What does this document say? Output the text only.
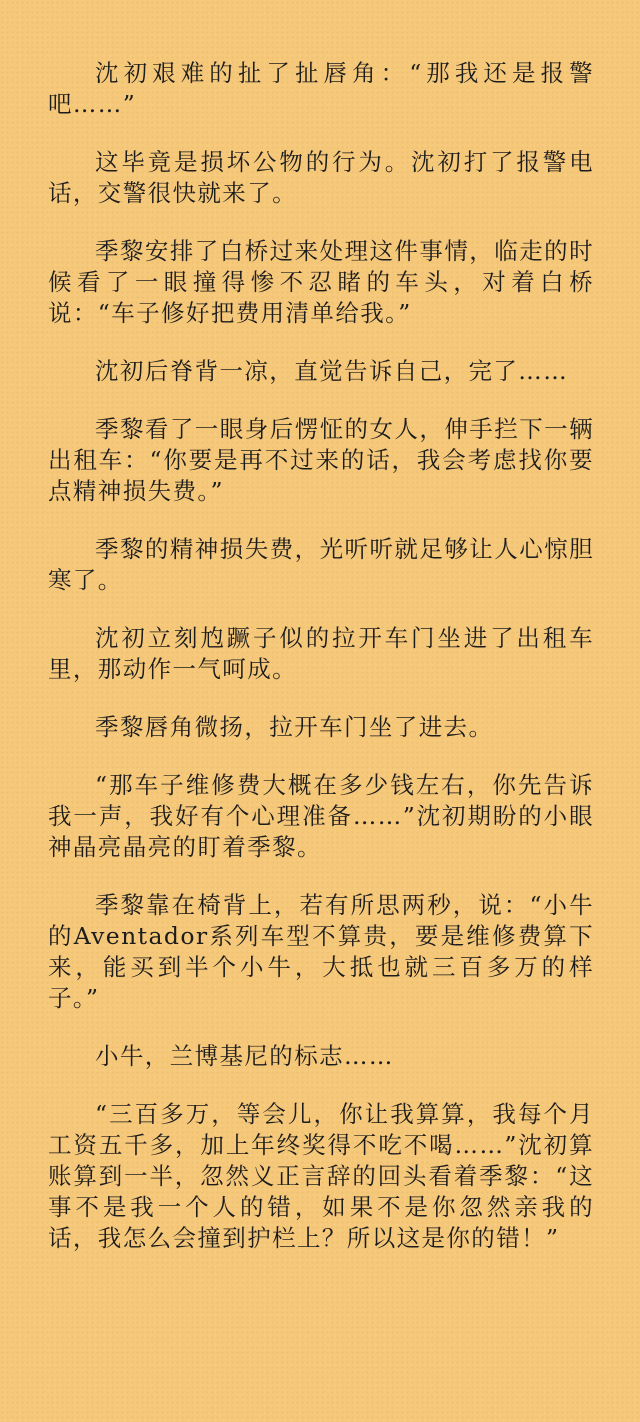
沈初艰难的扯了扯唇角：“那我还是报警吧……”

这毕竟是损坏公物的行为。沈初打了报警电话，交警很快就来了。

季黎安排了白桥过来处理这件事情，临走的时候看了一眼撞得惨不忍睹的车头，对着白桥说：“车子修好把费用清单给我。”

沈初后脊背一凉，直觉告诉自己，完了……

季黎看了一眼身后愣怔的女人，伸手拦下一辆出租车：“你要是再不过来的话，我会考虑找你要点精神损失费。”

季黎的精神损失费，光听听就足够让人心惊胆寒了。

沈初立刻尥蹶子似的拉开车门坐进了出租车里，那动作一气呵成。

季黎唇角微扬，拉开车门坐了进去。

“那车子维修费大概在多少钱左右，你先告诉我一声，我好有个心理准备……”沈初期盼的小眼神晶亮晶亮的盯着季黎。

季黎靠在椅背上，若有所思两秒，说：“小牛的Aventador系列车型不算贵，要是维修费算下来，能买到半个小牛，大抵也就三百多万的样子。”

小牛，兰博基尼的标志……

“三百多万，等会儿，你让我算算，我每个月工资五千多，加上年终奖得不吃不喝……”沈初算账算到一半，忽然义正言辞的回头看着季黎：“这事不是我一个人的错，如果不是你忽然亲我的话，我怎么会撞到护栏上？所以这是你的错！”
